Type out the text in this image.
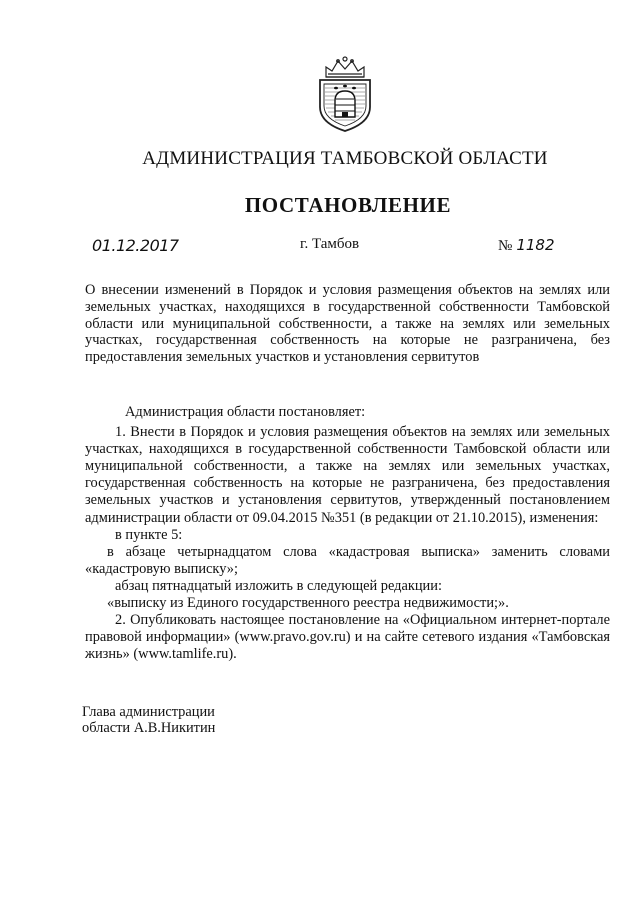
АДМИНИСТРАЦИЯ ТАМБОВСКОЙ ОБЛАСТИ
ПОСТАНОВЛЕНИЕ
01.12.2017	г. Тамбов	№ 1182
О внесении изменений в Порядок и условия размещения объектов на землях или земельных участках, находящихся в государственной собственности Тамбовской области или муниципальной собственности, а также на землях или земельных участках, государственная собственность на которые не разграничена, без предоставления земельных участков и установления сервитутов

Администрация области постановляет:

1. Внести в Порядок и условия размещения объектов на землях или земельных участках, находящихся в государственной собственности Тамбовской области или муниципальной собственности, а также на землях или земельных участках, государственная собственность на которые не разграничена, без предоставления земельных участков и установления сервитутов, утвержденный постановлением администрации области от 09.04.2015 №351 (в редакции от 21.10.2015), изменения:

в пункте 5:

в абзаце четырнадцатом слова «кадастровая выписка» заменить словами «кадастровую выписку»;

абзац пятнадцатый изложить в следующей редакции:

«выписку из Единого государственного реестра недвижимости;».

2. Опубликовать настоящее постановление на «Официальном интернет-портале правовой информации» (www.pravo.gov.ru) и на сайте сетевого издания «Тамбовская жизнь» (www.tamlife.ru).

Глава администрации
области А.В.Никитин
